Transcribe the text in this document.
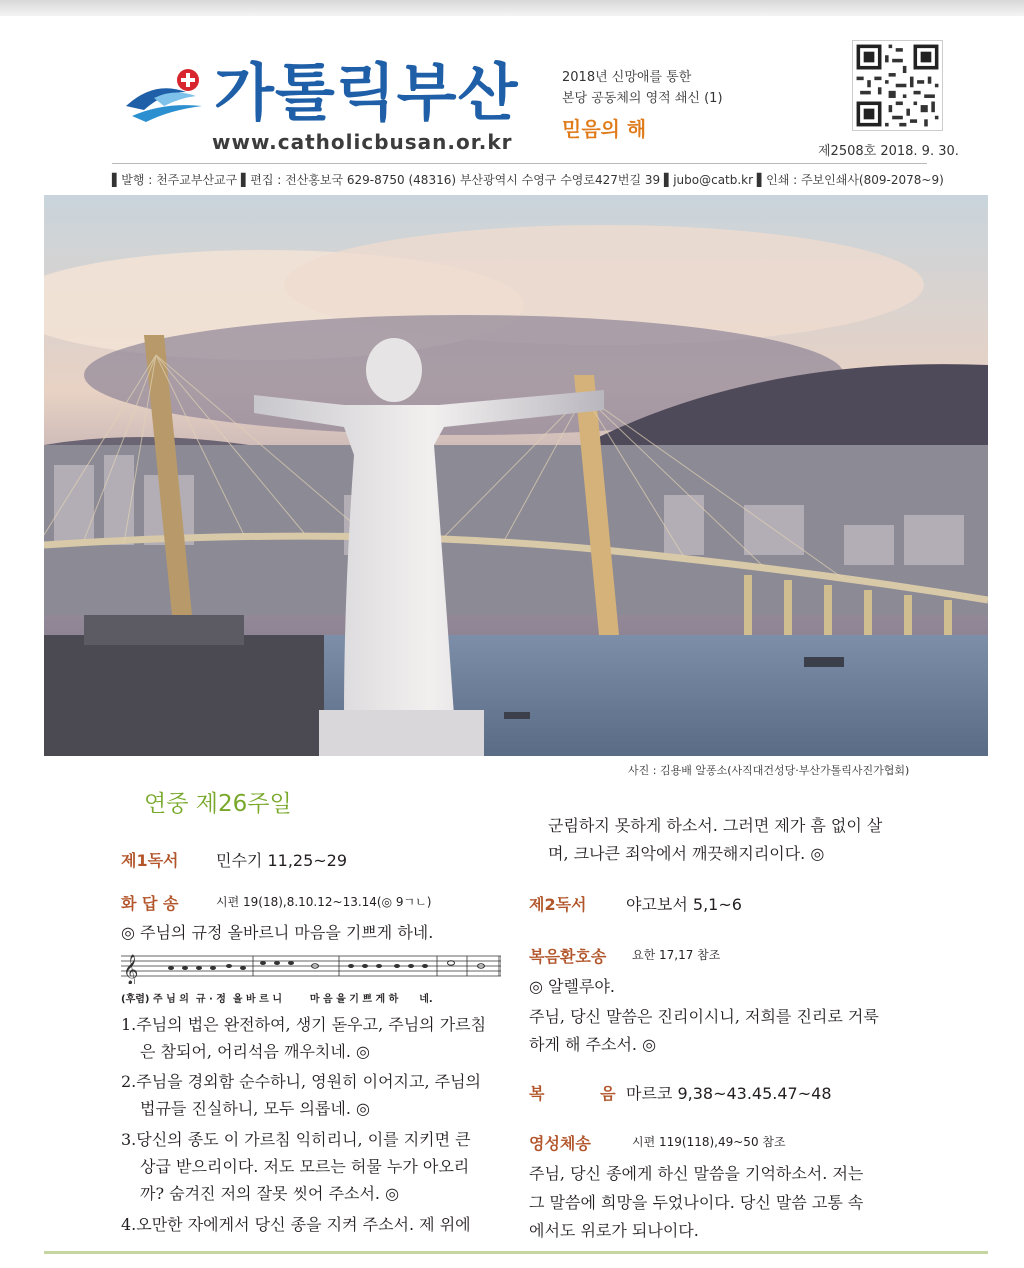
가톨릭부산
www.catholicbusan.or.kr
2018년 신망애를 통한
본당 공동체의 영적 쇄신 (1)
믿음의 해
제2508호 2018. 9. 30.
▌발행 : 천주교부산교구 ▌편집 : 전산홍보국 629-8750 (48316) 부산광역시 수영구 수영로427번길 39 ▌jubo@catb.kr ▌인쇄 : 주보인쇄사(809-2078~9)
사진 : 김용배 알퐁소(사직대건성당·부산가톨릭사진가협회)
연중 제26주일
제1독서 민수기 11,25~29
화 답 송	시편 19(18),8.10.12~13.14(◎ 9ㄱㄴ)
◎ 주님의 규정 올바르니 마음을 기쁘게 하네.
𝄞
(후렴) 주 님 의  규 · 정  올 바 르 니        마 음 을 기 쁘 게 하      네.
1.주님의 법은 완전하여, 생기 돋우고, 주님의 가르침
은 참되어, 어리석음 깨우치네. ◎
2.주님을 경외함 순수하니, 영원히 이어지고, 주님의
법규들 진실하니, 모두 의롭네. ◎
3.당신의 종도 이 가르침 익히리니, 이를 지키면 큰
상급 받으리이다. 저도 모르는 허물 누가 아오리
까? 숨겨진 저의 잘못 씻어 주소서. ◎
4.오만한 자에게서 당신 종을 지켜 주소서. 제 위에
군림하지 못하게 하소서. 그러면 제가 흠 없이 살
며, 크나큰 죄악에서 깨끗해지리이다. ◎
제2독서 야고보서 5,1~6
복음환호송 요한 17,17 참조
◎ 알렐루야.
주님, 당신 말씀은 진리이시니, 저희를 진리로 거룩
하게 해 주소서. ◎
복          음 마르코 9,38~43.45.47~48
영성체송	시편 119(118),49~50 참조
주님, 당신 종에게 하신 말씀을 기억하소서. 저는
그 말씀에 희망을 두었나이다. 당신 말씀 고통 속
에서도 위로가 되나이다.
